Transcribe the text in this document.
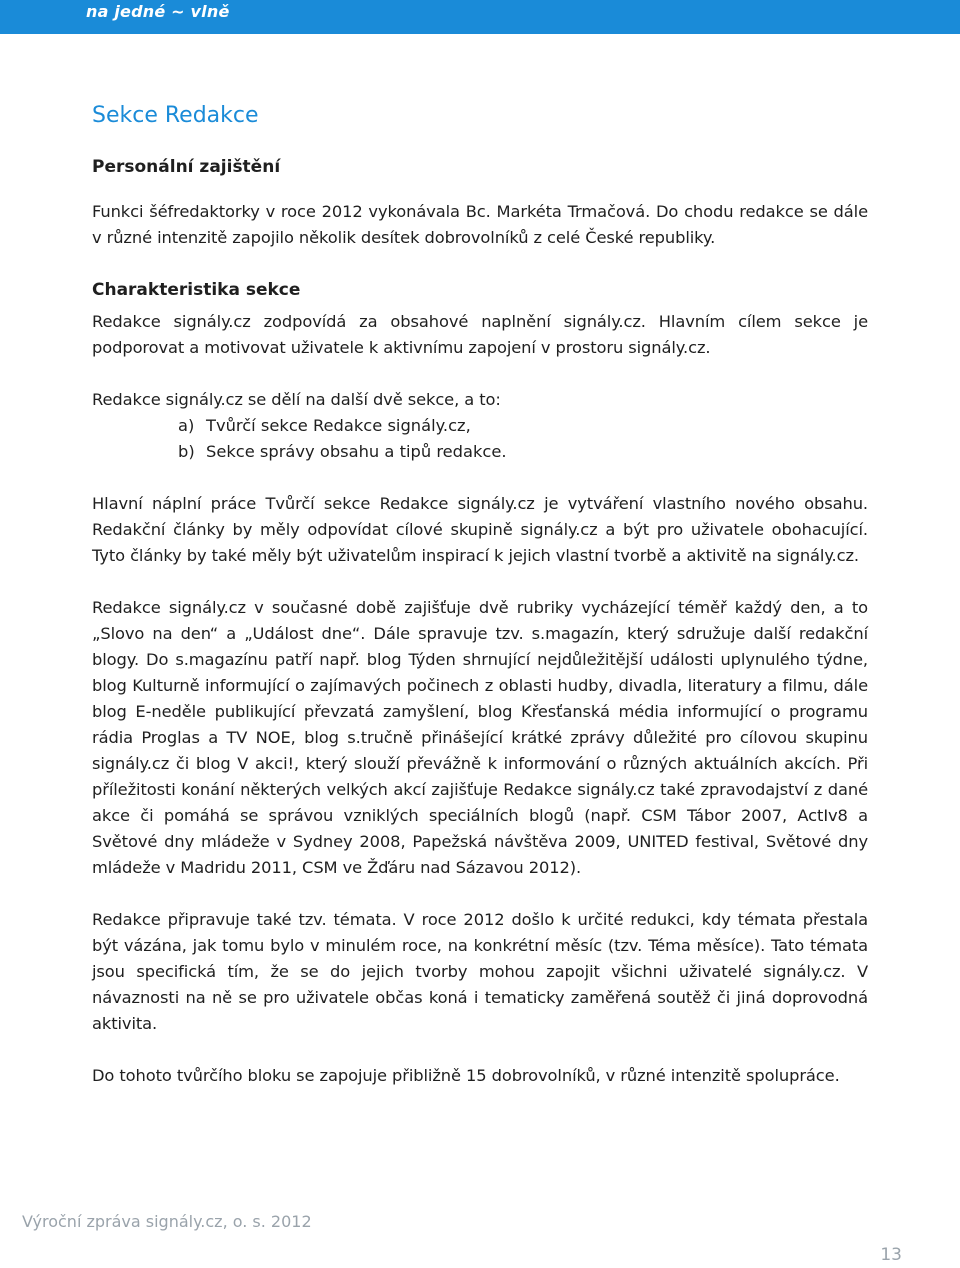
na jedné ~ vlně
Sekce Redakce
Personální zajištění

Funkci šéfredaktorky v roce 2012 vykonávala Bc. Markéta Trmačová. Do chodu redakce se dále v různé intenzitě zapojilo několik desítek dobrovolníků z celé České republiky.

Charakteristika sekce

Redakce signály.cz zodpovídá za obsahové naplnění signály.cz. Hlavním cílem sekce je podporovat a motivovat uživatele k aktivnímu zapojení v prostoru signály.cz.

Redakce signály.cz se dělí na další dvě sekce, a to:

a) Tvůrčí sekce Redakce signály.cz,
b) Sekce správy obsahu a tipů redakce.

Hlavní náplní práce Tvůrčí sekce Redakce signály.cz je vytváření vlastního nového obsahu. Redakční články by měly odpovídat cílové skupině signály.cz a být pro uživatele obohacující. Tyto články by také měly být uživatelům inspirací k jejich vlastní tvorbě a aktivitě na signály.cz.

Redakce signály.cz v současné době zajišťuje dvě rubriky vycházející téměř každý den, a to „Slovo na den“ a „Událost dne“. Dále spravuje tzv. s.magazín, který sdružuje další redakční blogy. Do s.magazínu patří např. blog Týden shrnující nejdůležitější události uplynulého týdne, blog Kulturně informující o zajímavých počinech z oblasti hudby, divadla, literatury a filmu, dále blog E-neděle publikující převzatá zamyšlení, blog Křesťanská média informující o programu rádia Proglas a TV NOE, blog s.tručně přinášející krátké zprávy důležité pro cílovou skupinu signály.cz či blog V akci!, který slouží převážně k informování o různých aktuálních akcích. Při příležitosti konání některých velkých akcí zajišťuje Redakce signály.cz také zpravodajství z dané akce či pomáhá se správou vzniklých speciálních blogů (např. CSM Tábor 2007, ActIv8 a Světové dny mládeže v Sydney 2008, Papežská návštěva 2009, UNITED festival, Světové dny mládeže v Madridu 2011, CSM ve Žďáru nad Sázavou 2012).

Redakce připravuje také tzv. témata. V roce 2012 došlo k určité redukci, kdy témata přestala být vázána, jak tomu bylo v minulém roce, na konkrétní měsíc (tzv. Téma měsíce). Tato témata jsou specifická tím, že se do jejich tvorby mohou zapojit všichni uživatelé signály.cz. V návaznosti na ně se pro uživatele občas koná i tematicky zaměřená soutěž či jiná doprovodná aktivita.

Do tohoto tvůrčího bloku se zapojuje přibližně 15 dobrovolníků, v různé intenzitě spolupráce.

Výroční zpráva signály.cz, o. s. 2012
13
